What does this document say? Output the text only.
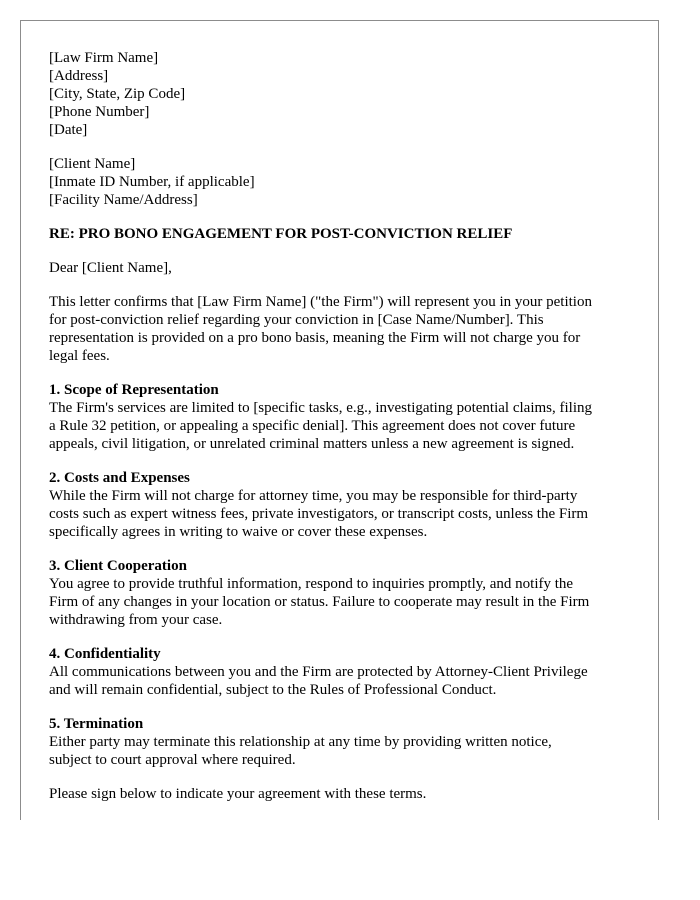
[Law Firm Name]
[Address]
[City, State, Zip Code]
[Phone Number]
[Date]
[Client Name]
[Inmate ID Number, if applicable]
[Facility Name/Address]
RE: PRO BONO ENGAGEMENT FOR POST-CONVICTION RELIEF
Dear [Client Name],
This letter confirms that [Law Firm Name] ("the Firm") will represent you in your petition
for post-conviction relief regarding your conviction in [Case Name/Number]. This
representation is provided on a pro bono basis, meaning the Firm will not charge you for
legal fees.
1. Scope of Representation
The Firm's services are limited to [specific tasks, e.g., investigating potential claims, filing
a Rule 32 petition, or appealing a specific denial]. This agreement does not cover future
appeals, civil litigation, or unrelated criminal matters unless a new agreement is signed.
2. Costs and Expenses
While the Firm will not charge for attorney time, you may be responsible for third-party
costs such as expert witness fees, private investigators, or transcript costs, unless the Firm
specifically agrees in writing to waive or cover these expenses.
3. Client Cooperation
You agree to provide truthful information, respond to inquiries promptly, and notify the
Firm of any changes in your location or status. Failure to cooperate may result in the Firm
withdrawing from your case.
4. Confidentiality
All communications between you and the Firm are protected by Attorney-Client Privilege
and will remain confidential, subject to the Rules of Professional Conduct.
5. Termination
Either party may terminate this relationship at any time by providing written notice,
subject to court approval where required.
Please sign below to indicate your agreement with these terms.
